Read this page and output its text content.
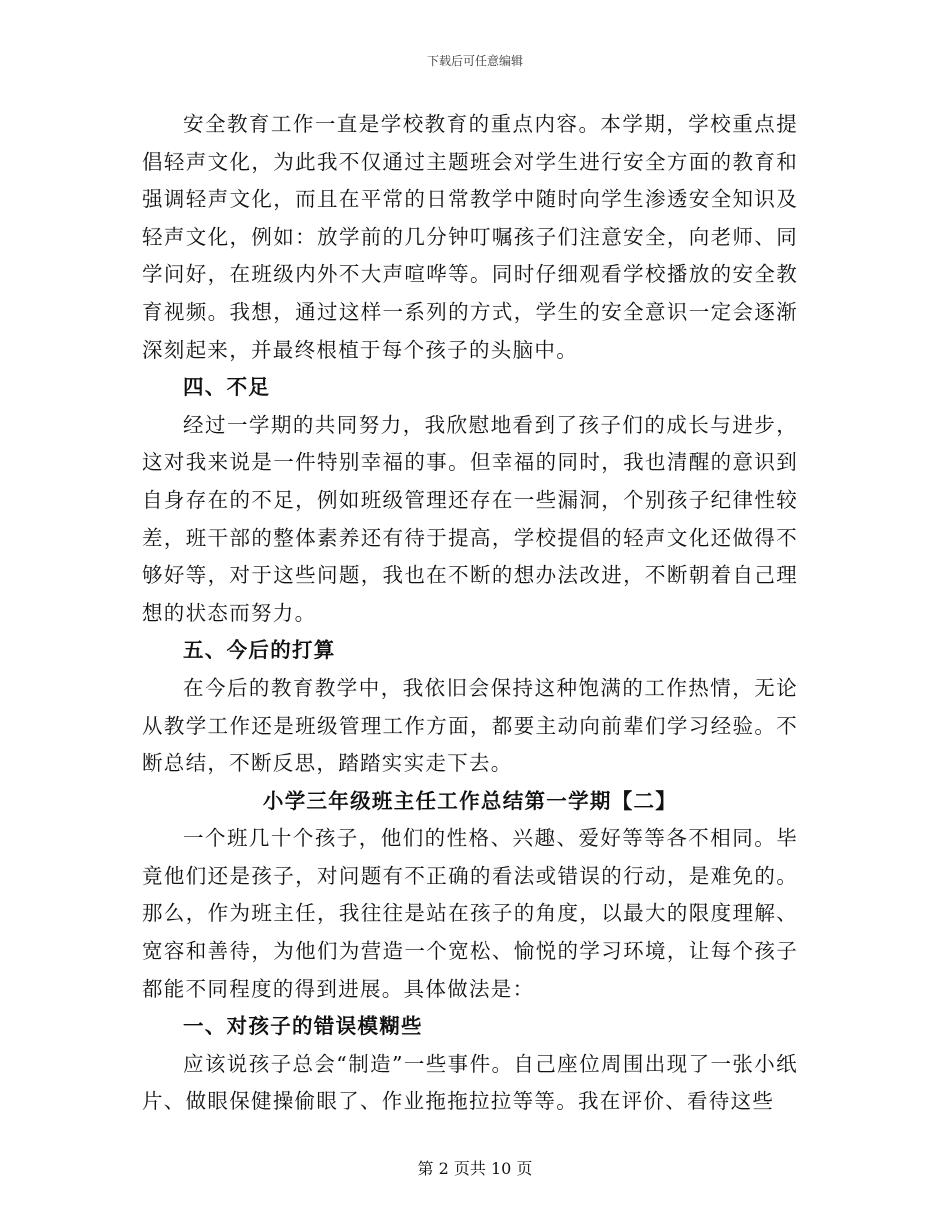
下载后可任意编辑

安全教育工作一直是学校教育的重点内容。本学期，学校重点提倡轻声文化，为此我不仅通过主题班会对学生进行安全方面的教育和强调轻声文化，而且在平常的日常教学中随时向学生渗透安全知识及轻声文化，例如：放学前的几分钟叮嘱孩子们注意安全，向老师、同学问好，在班级内外不大声喧哗等。同时仔细观看学校播放的安全教育视频。我想，通过这样一系列的方式，学生的安全意识一定会逐渐深刻起来，并最终根植于每个孩子的头脑中。

四、不足

经过一学期的共同努力，我欣慰地看到了孩子们的成长与进步，这对我来说是一件特别幸福的事。但幸福的同时，我也清醒的意识到自身存在的不足，例如班级管理还存在一些漏洞，个别孩子纪律性较差，班干部的整体素养还有待于提高，学校提倡的轻声文化还做得不够好等，对于这些问题，我也在不断的想办法改进，不断朝着自己理想的状态而努力。

五、今后的打算

在今后的教育教学中，我依旧会保持这种饱满的工作热情，无论从教学工作还是班级管理工作方面，都要主动向前辈们学习经验。不断总结，不断反思，踏踏实实走下去。

小学三年级班主任工作总结第一学期【二】

一个班几十个孩子，他们的性格、兴趣、爱好等等各不相同。毕竟他们还是孩子，对问题有不正确的看法或错误的行动，是难免的。那么，作为班主任，我往往是站在孩子的角度，以最大的限度理解、宽容和善待，为他们为营造一个宽松、愉悦的学习环境，让每个孩子都能不同程度的得到进展。具体做法是：

一、对孩子的错误模糊些

应该说孩子总会“制造”一些事件。自己座位周围出现了一张小纸片、做眼保健操偷眼了、作业拖拖拉拉等等。我在评价、看待这些

第 2 页共 10 页
